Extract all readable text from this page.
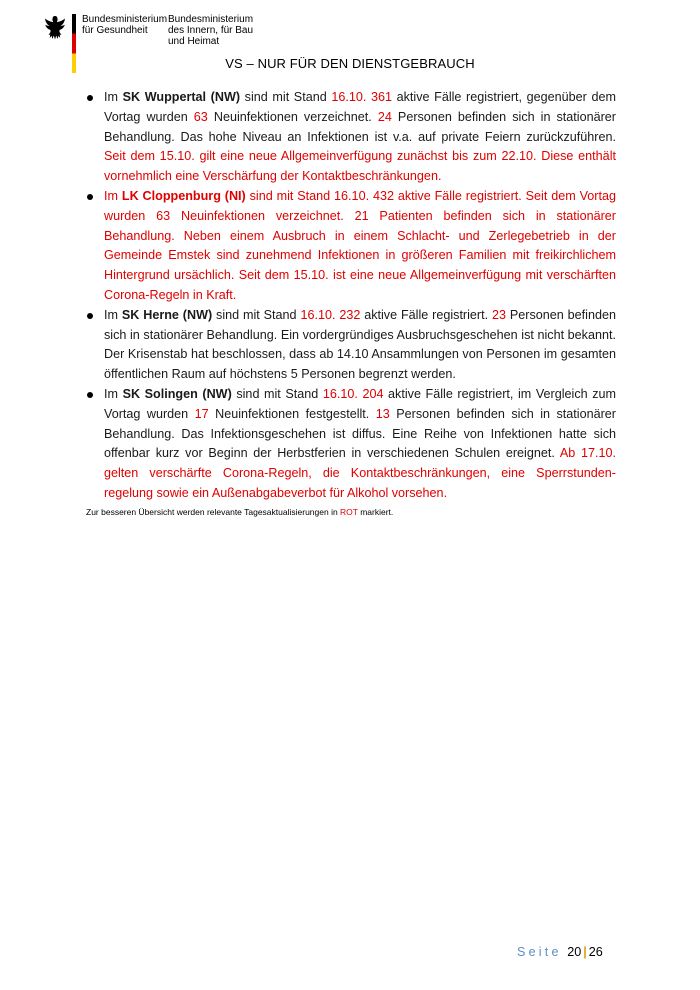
Bundesministerium
für Gesundheit
Bundesministerium
des Innern, für Bau
und Heimat
VS – NUR FÜR DEN DIENSTGEBRAUCH
Im SK Wuppertal (NW) sind mit Stand 16.10. 361 aktive Fälle registriert, gegenüber dem Vortag wurden 63 Neuinfektionen verzeichnet. 24 Personen befinden sich in stationärer Behandlung. Das hohe Niveau an Infektionen ist v.a. auf private Feiern zurückzuführen. Seit dem 15.10. gilt eine neue Allgemeinverfügung zunächst bis zum 22.10. Diese enthält vornehmlich eine Verschärfung der Kontaktbeschränkungen.
Im LK Cloppenburg (NI) sind mit Stand 16.10. 432 aktive Fälle registriert. Seit dem Vortag wurden 63 Neuinfektionen verzeichnet. 21 Patienten befinden sich in stationärer Behandlung. Neben einem Ausbruch in einem Schlacht- und Zerlegebetrieb in der Gemeinde Emstek sind zunehmend Infektionen in größeren Familien mit freikirchlichem Hintergrund ursächlich. Seit dem 15.10. ist eine neue Allgemeinverfügung mit verschärften Corona-Regeln in Kraft.
Im SK Herne (NW) sind mit Stand 16.10. 232 aktive Fälle registriert. 23 Personen befinden sich in stationärer Behandlung. Ein vordergründiges Ausbruchsgeschehen ist nicht bekannt. Der Krisenstab hat beschlossen, dass ab 14.10 Ansammlungen von Personen im gesamten öffentlichen Raum auf höchstens 5 Personen begrenzt werden.
Im SK Solingen (NW) sind mit Stand 16.10. 204 aktive Fälle registriert, im Vergleich zum Vortag wurden 17 Neuinfektionen festgestellt. 13 Personen befinden sich in stationärer Behandlung. Das Infektionsgeschehen ist diffus. Eine Reihe von Infektionen hatte sich offenbar kurz vor Beginn der Herbstferien in verschiedenen Schulen ereignet. Ab 17.10. gelten verschärfte Corona-Regeln, die Kontaktbeschränkungen, eine Sperrstunden-regelung sowie ein Außenabgabeverbot für Alkohol vorsehen.
Zur besseren Übersicht werden relevante Tagesaktualisierungen in ROT markiert.
Seite 20 | 26
